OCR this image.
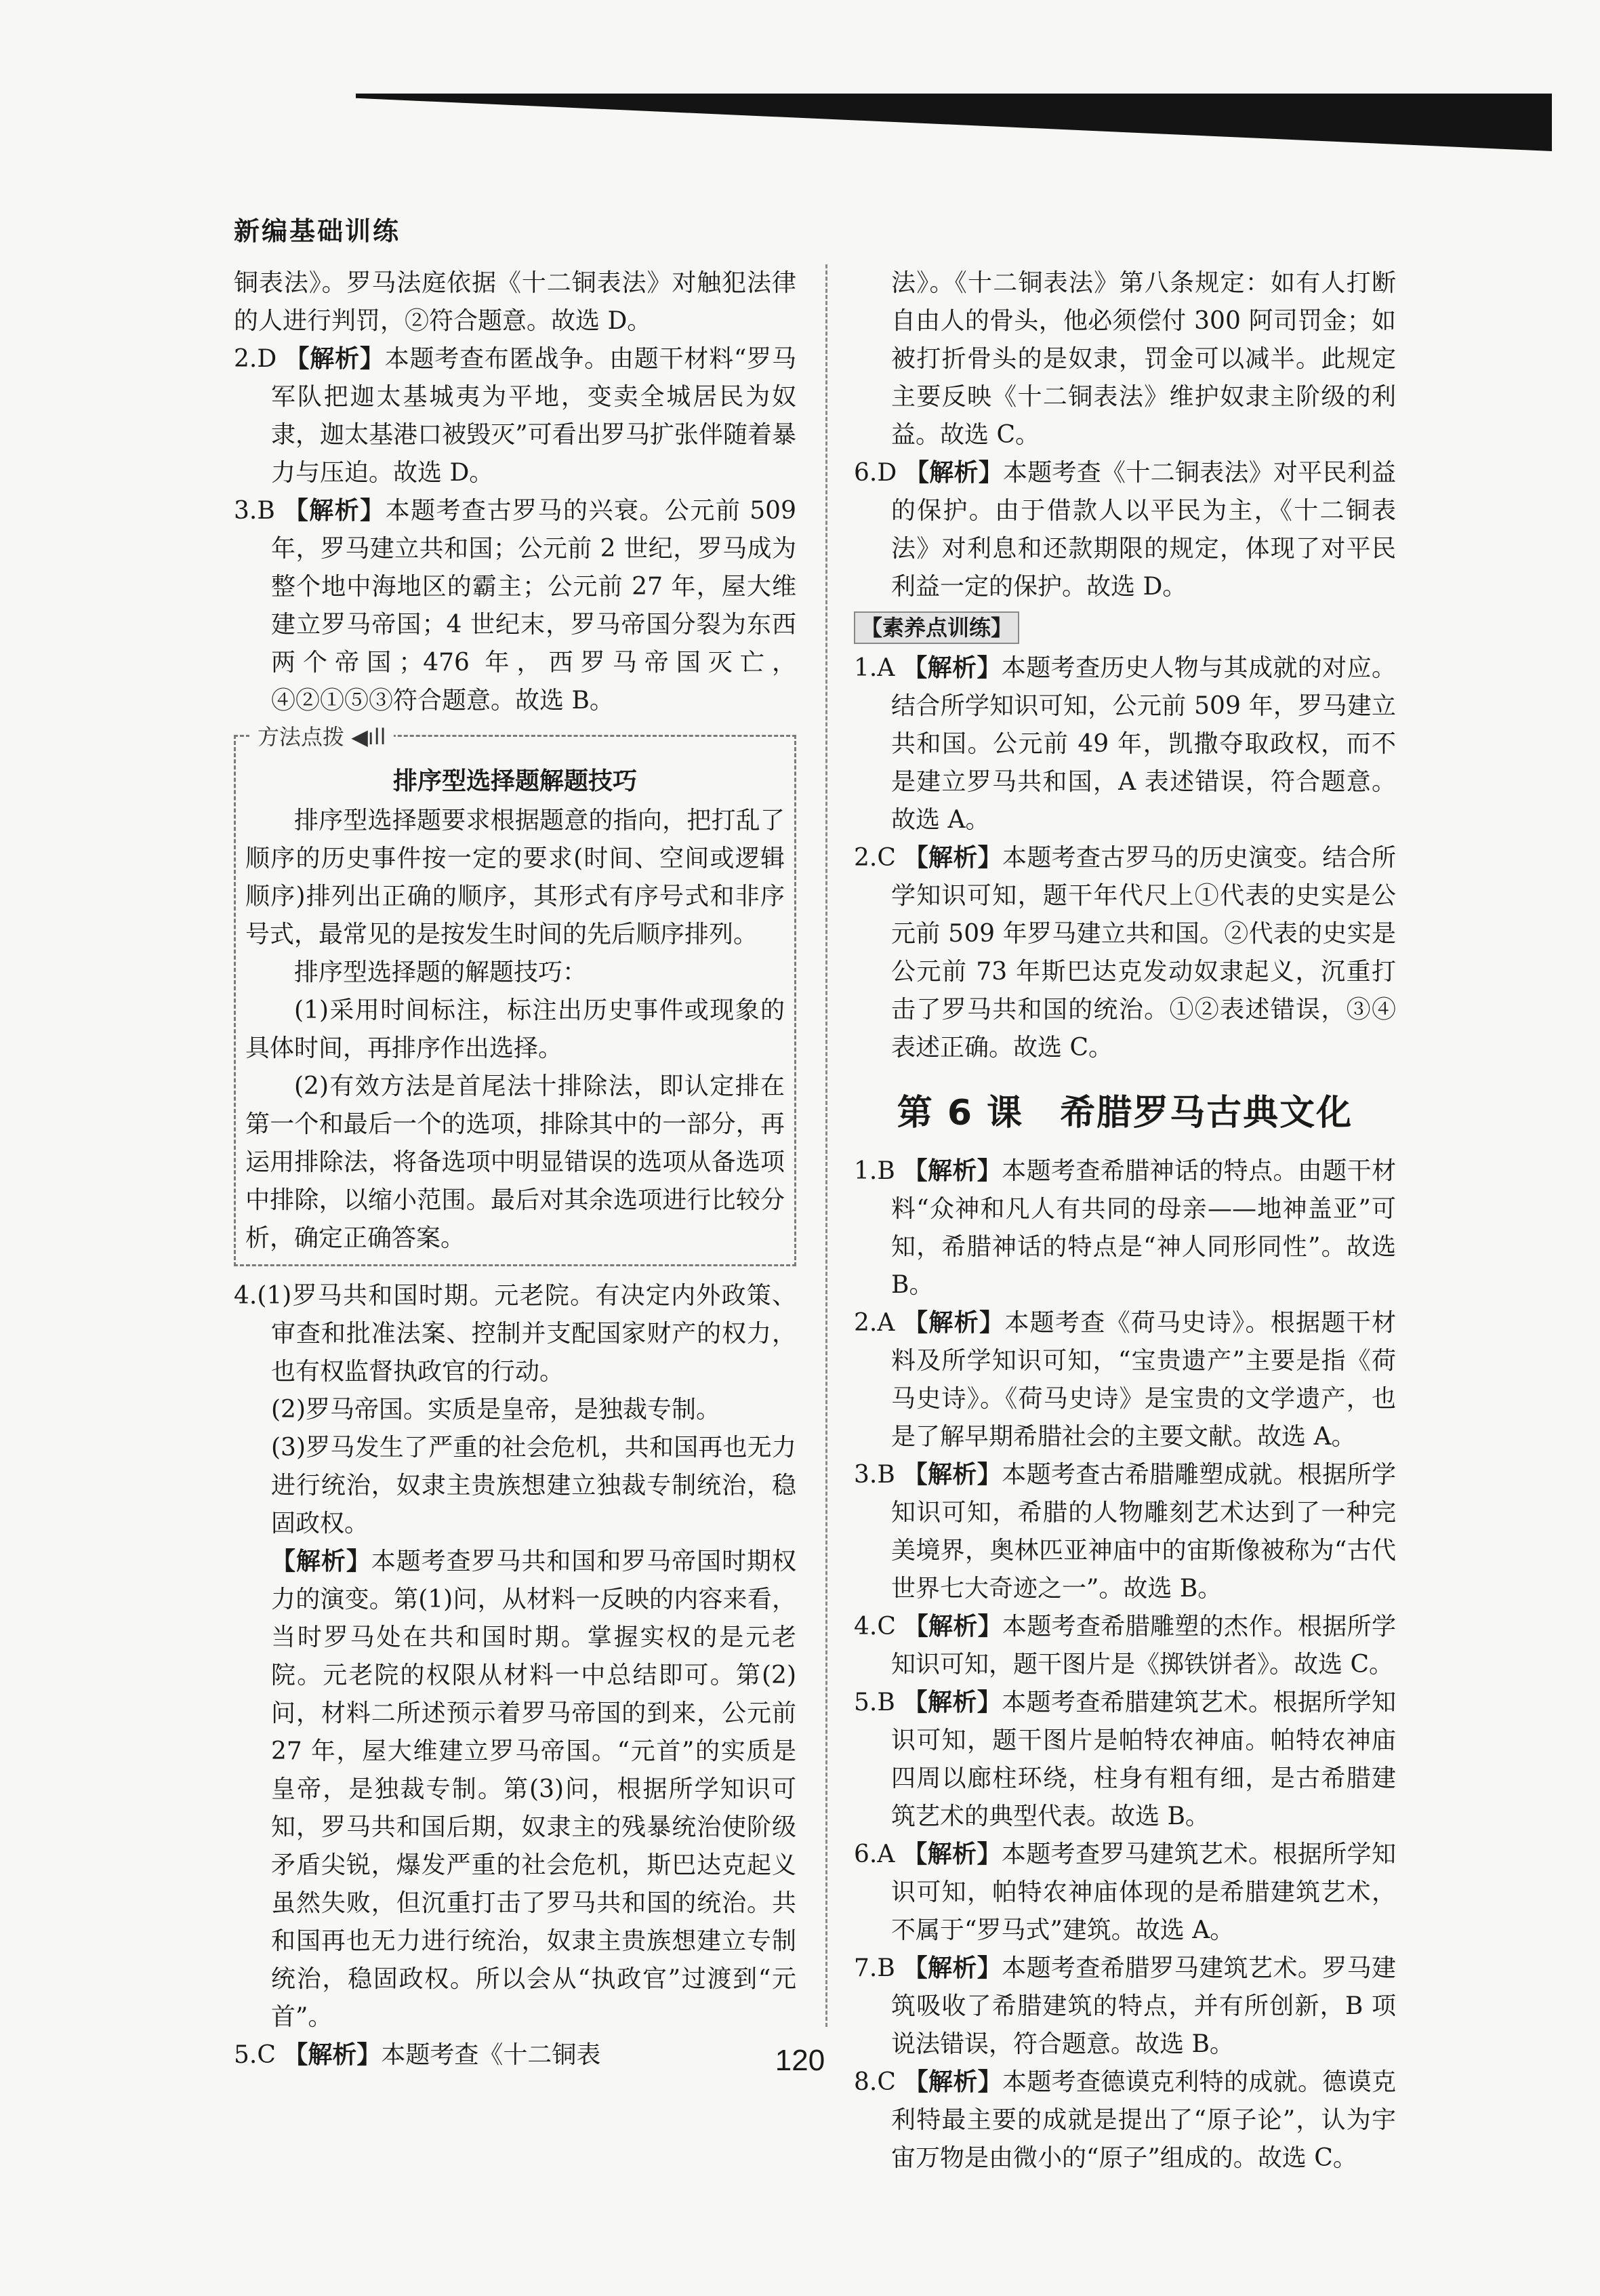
新编基础训练

铜表法》。罗马法庭依据《十二铜表法》对触犯法律的人进行判罚，②符合题意。故选 D。

2.D 【解析】本题考查布匿战争。由题干材料“罗马军队把迦太基城夷为平地，变卖全城居民为奴隶，迦太基港口被毁灭”可看出罗马扩张伴随着暴力与压迫。故选 D。

3.B 【解析】本题考查古罗马的兴衰。公元前 509 年，罗马建立共和国；公元前 2 世纪，罗马成为整个地中海地区的霸主；公元前 27 年，屋大维建立罗马帝国；4 世纪末，罗马帝国分裂为东西两个帝国；476 年，西罗马帝国灭亡，④②①⑤③符合题意。故选 B。

方法点拨 ◀ıll
排序型选择题解题技巧

排序型选择题要求根据题意的指向，把打乱了顺序的历史事件按一定的要求(时间、空间或逻辑顺序)排列出正确的顺序，其形式有序号式和非序号式，最常见的是按发生时间的先后顺序排列。

排序型选择题的解题技巧：

(1)采用时间标注，标注出历史事件或现象的具体时间，再排序作出选择。

(2)有效方法是首尾法十排除法，即认定排在第一个和最后一个的选项，排除其中的一部分，再运用排除法，将备选项中明显错误的选项从备选项中排除，以缩小范围。最后对其余选项进行比较分析，确定正确答案。

4.(1)罗马共和国时期。元老院。有决定内外政策、审查和批准法案、控制并支配国家财产的权力，也有权监督执政官的行动。

(2)罗马帝国。实质是皇帝，是独裁专制。

(3)罗马发生了严重的社会危机，共和国再也无力进行统治，奴隶主贵族想建立独裁专制统治，稳固政权。

【解析】本题考查罗马共和国和罗马帝国时期权力的演变。第(1)问，从材料一反映的内容来看，当时罗马处在共和国时期。掌握实权的是元老院。元老院的权限从材料一中总结即可。第(2)问，材料二所述预示着罗马帝国的到来，公元前 27 年，屋大维建立罗马帝国。“元首”的实质是皇帝，是独裁专制。第(3)问，根据所学知识可知，罗马共和国后期，奴隶主的残暴统治使阶级矛盾尖锐，爆发严重的社会危机，斯巴达克起义虽然失败，但沉重打击了罗马共和国的统治。共和国再也无力进行统治，奴隶主贵族想建立专制统治，稳固政权。所以会从“执政官”过渡到“元首”。

5.C 【解析】本题考查《十二铜表

法》。《十二铜表法》第八条规定：如有人打断自由人的骨头，他必须偿付 300 阿司罚金；如被打折骨头的是奴隶，罚金可以减半。此规定主要反映《十二铜表法》维护奴隶主阶级的利益。故选 C。

6.D 【解析】本题考查《十二铜表法》对平民利益的保护。由于借款人以平民为主，《十二铜表法》对利息和还款期限的规定，体现了对平民利益一定的保护。故选 D。

【素养点训练】

1.A 【解析】本题考查历史人物与其成就的对应。结合所学知识可知，公元前 509 年，罗马建立共和国。公元前 49 年，凯撒夺取政权，而不是建立罗马共和国，A 表述错误，符合题意。故选 A。

2.C 【解析】本题考查古罗马的历史演变。结合所学知识可知，题干年代尺上①代表的史实是公元前 509 年罗马建立共和国。②代表的史实是公元前 73 年斯巴达克发动奴隶起义，沉重打击了罗马共和国的统治。①②表述错误，③④表述正确。故选 C。

第 6 课　希腊罗马古典文化

1.B 【解析】本题考查希腊神话的特点。由题干材料“众神和凡人有共同的母亲——地神盖亚”可知，希腊神话的特点是“神人同形同性”。故选 B。

2.A 【解析】本题考查《荷马史诗》。根据题干材料及所学知识可知，“宝贵遗产”主要是指《荷马史诗》。《荷马史诗》是宝贵的文学遗产，也是了解早期希腊社会的主要文献。故选 A。

3.B 【解析】本题考查古希腊雕塑成就。根据所学知识可知，希腊的人物雕刻艺术达到了一种完美境界，奥林匹亚神庙中的宙斯像被称为“古代世界七大奇迹之一”。故选 B。

4.C 【解析】本题考查希腊雕塑的杰作。根据所学知识可知，题干图片是《掷铁饼者》。故选 C。

5.B 【解析】本题考查希腊建筑艺术。根据所学知识可知，题干图片是帕特农神庙。帕特农神庙四周以廊柱环绕，柱身有粗有细，是古希腊建筑艺术的典型代表。故选 B。

6.A 【解析】本题考查罗马建筑艺术。根据所学知识可知，帕特农神庙体现的是希腊建筑艺术，不属于“罗马式”建筑。故选 A。

7.B 【解析】本题考查希腊罗马建筑艺术。罗马建筑吸收了希腊建筑的特点，并有所创新，B 项说法错误，符合题意。故选 B。

8.C 【解析】本题考查德谟克利特的成就。德谟克利特最主要的成就是提出了“原子论”，认为宇宙万物是由微小的“原子”组成的。故选 C。

120
